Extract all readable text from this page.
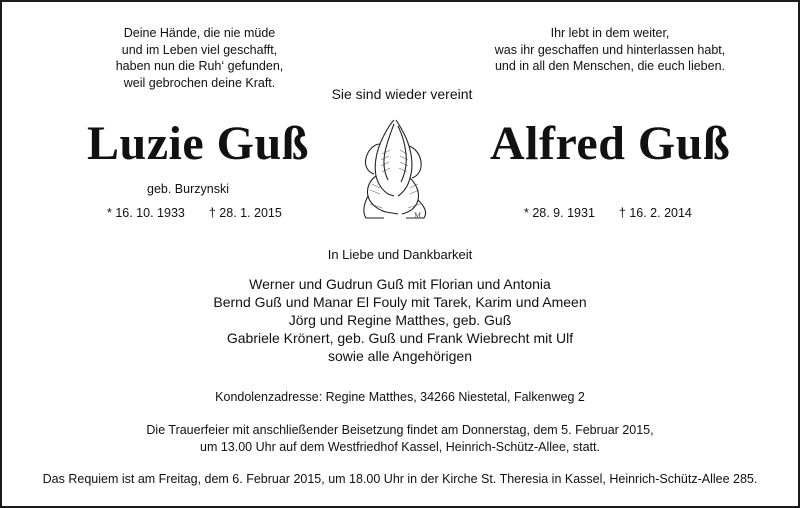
Deine Hände, die nie müde
und im Leben viel geschafft,
haben nun die Ruh‘ gefunden,
weil gebrochen deine Kraft.
Ihr lebt in dem weiter,
was ihr geschaffen und hinterlassen habt,
und in all den Menschen, die euch lieben.
Sie sind wieder vereint
Luzie Guß	Alfred Guß
M.
geb. Burzynski
* 16. 10. 1933 † 28. 1. 2015	* 28. 9. 1931 † 16. 2. 2014
In Liebe und Dankbarkeit
Werner und Gudrun Guß mit Florian und Antonia
Bernd Guß und Manar El Fouly mit Tarek, Karim und Ameen
Jörg und Regine Matthes, geb. Guß
Gabriele Krönert, geb. Guß und Frank Wiebrecht mit Ulf
sowie alle Angehörigen
Kondolenzadresse: Regine Matthes, 34266 Niestetal, Falkenweg 2
Die Trauerfeier mit anschließender Beisetzung findet am Donnerstag, dem 5. Februar 2015,
um 13.00 Uhr auf dem Westfriedhof Kassel, Heinrich-Schütz-Allee, statt.
Das Requiem ist am Freitag, dem 6. Februar 2015, um 18.00 Uhr in der Kirche St. Theresia in Kassel, Heinrich-Schütz-Allee 285.
